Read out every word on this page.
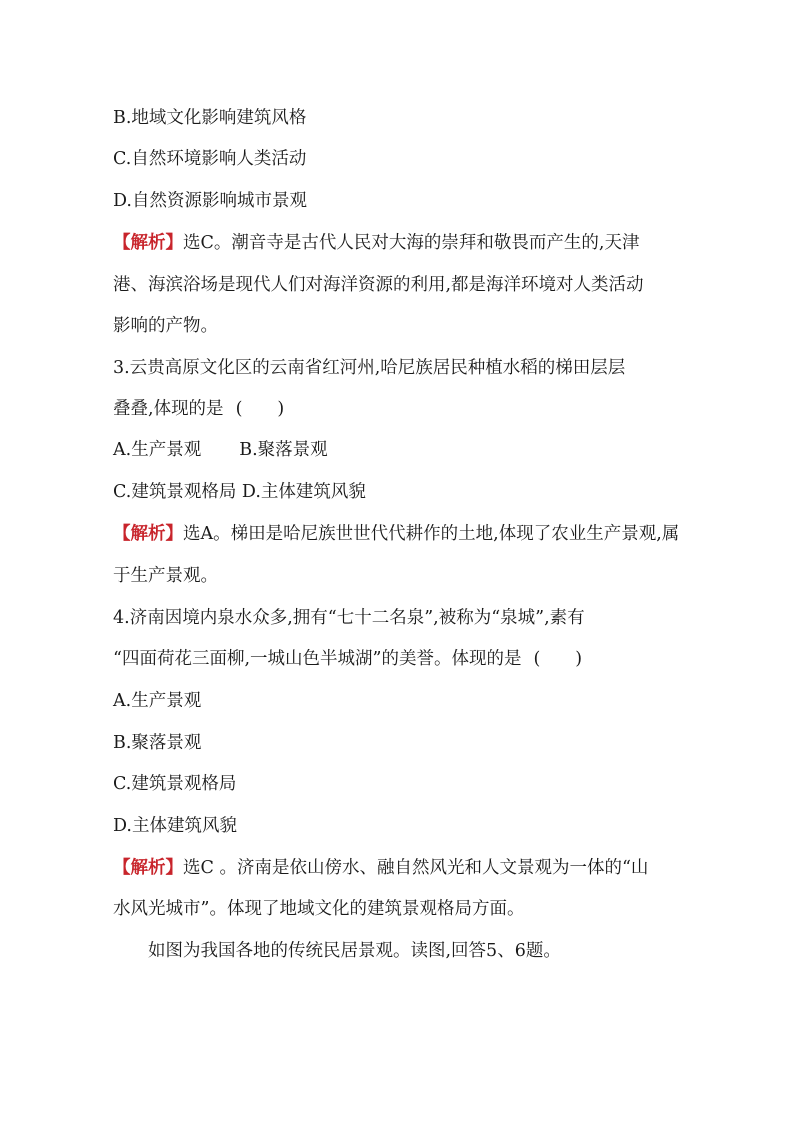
B.地域文化影响建筑风格
C.自然环境影响人类活动
D.自然资源影响城市景观
【解析】选C。潮音寺是古代人民对大海的崇拜和敬畏而产生的,天津
港、海滨浴场是现代人们对海洋资源的利用,都是海洋环境对人类活动
影响的产物。
3.云贵高原文化区的云南省红河州,哈尼族居民种植水稻的梯田层层
叠叠,体现的是 (　　)
A.生产景观 B.聚落景观
C.建筑景观格局 D.主体建筑风貌
【解析】选A。梯田是哈尼族世世代代耕作的土地,体现了农业生产景观,属
于生产景观。
4.济南因境内泉水众多,拥有“七十二名泉”,被称为“泉城”,素有
“四面荷花三面柳,一城山色半城湖”的美誉。体现的是 (　　)
A.生产景观
B.聚落景观
C.建筑景观格局
D.主体建筑风貌
【解析】选C 。济南是依山傍水、融自然风光和人文景观为一体的“山
水风光城市”。体现了地域文化的建筑景观格局方面。
如图为我国各地的传统民居景观。读图,回答5、6题。
